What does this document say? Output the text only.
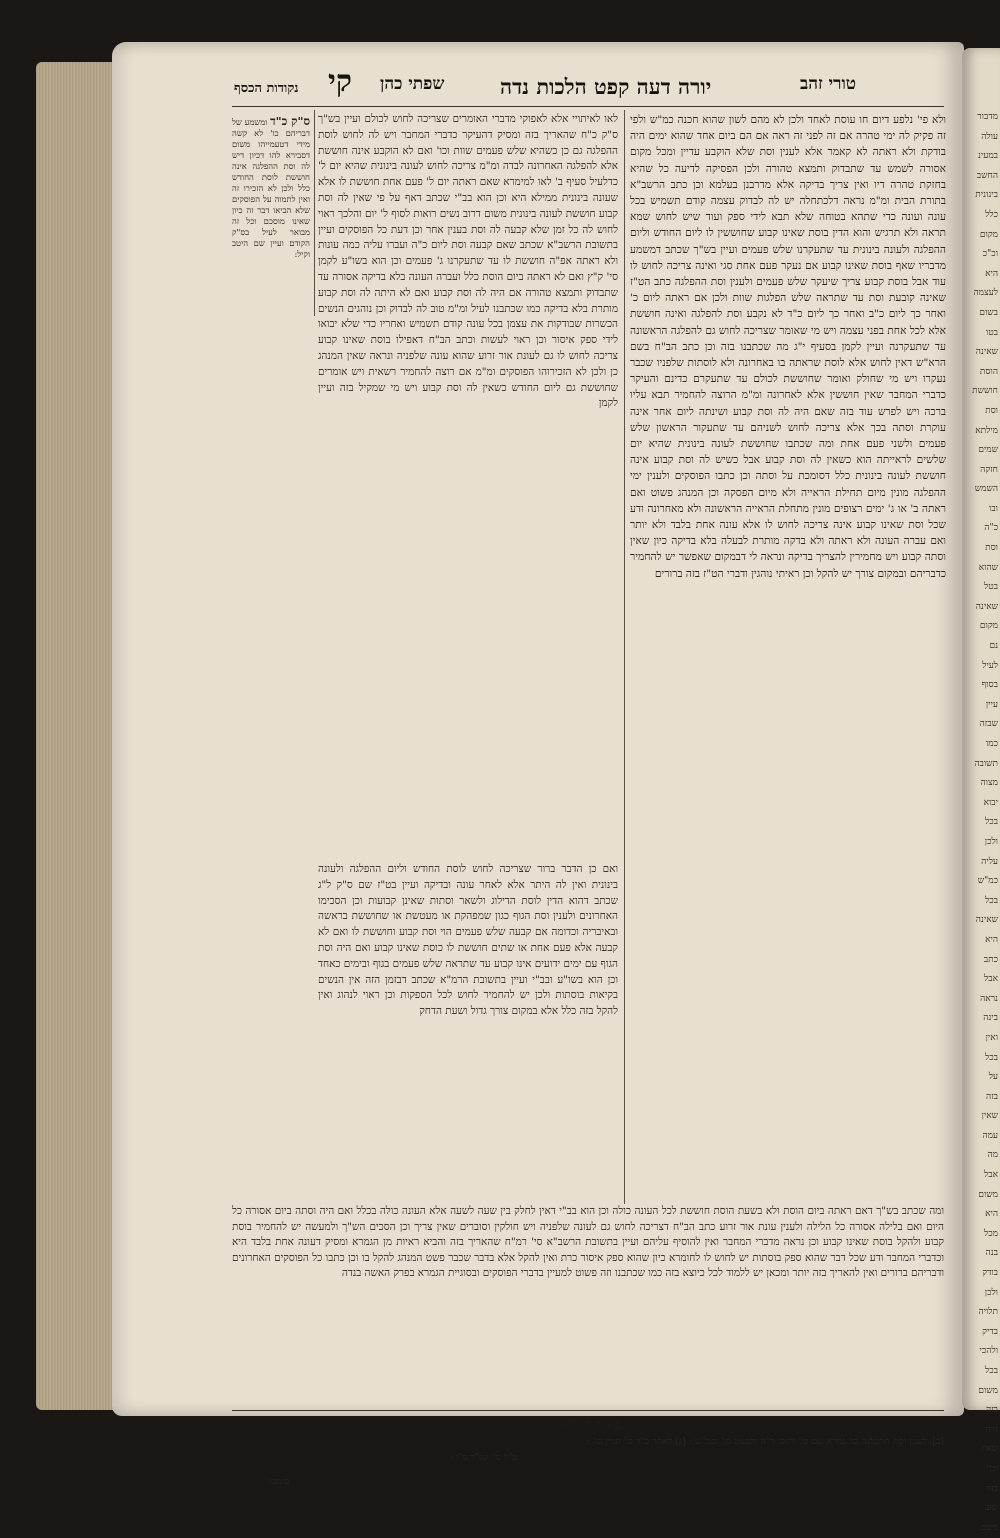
מדבור
עולה
במעינ
החשב
בינונית
כלל
מקום
וכ"כ
היא
לעצמה
בשום
בטו
שאינה
הוסת
חוששת
וסת
מילתא
שמים
חזקה
השמש
ובו
כ"ה
וסת
שהוא
בטל
שאינה
מקום
נם
לעיל
בסוף
עיין
שבזה
כמו
תשובה
מצוה
יבוא
בכל
ולכן
עליה
כמ"ש
בכל
שאינה
היא
כתב
אבל
נראה
בינה
ואין
בכל
על
בזה
שאין
עמה
מה
אבל
משום
היא
מכל
בנה
בודק
ולכן
תלויה
בדיק
ולהכי
בכל
משום
בזה
היה
שאין
וכו'
בזה
שוב
משם
טורי זהב
יורה דעה קפט הלכות נדה
שפתי כהן
קי
נקודות הכסף
ולא פי' נלפע דיום חו עוסת לאחד ולכן לא מהם לשון שהוא חכנה כמ"ש ולפי זה פקיק לה ימי טהרה אם זה לפני זה ראה אם הם ביום אחד שהוא ימים היה בודקת ולא ראתה לא קאמר אלא לענין וסת שלא הוקבע עדיין ומכל מקום אסורה לשמש עד שתבדוק ותמצא טהורה ולכן הפסיקה לדיעה כל שהיא בחזקת טהרה דיו ואין צריך בדיקה אלא מדרבנן בעלמא וכן כתב הרשב"א בתורת הבית ומ"מ נראה דלכתחלה יש לה לבדוק עצמה קודם תשמיש בכל עונה ועונה כדי שתהא בטוחה שלא תבא לידי ספק ועוד שיש לחוש שמא תראה ולא תרגיש והוא הדין בוסת שאינו קבוע שחוששין לו ליום החודש וליום ההפלגה ולעונה בינונית עד שתעקרנו שלש פעמים ועיין בש"ך שכתב דמשמע מדבריו שאף בוסת שאינו קבוע אם נעקר פעם אחת סגי ואינה צריכה לחוש לו עוד אבל בוסת קבוע צריך שיעקר שלש פעמים ולענין וסת ההפלגה כתב הט"ז שאינה קובעת וסת עד שתראה שלש הפלגות שוות ולכן אם ראתה ליום כ' ואחר כך ליום כ"ב ואחר כך ליום כ"ד לא נקבע וסת להפלגה ואינה חוששת אלא לכל אחת בפני עצמה ויש מי שאומר שצריכה לחוש גם להפלגה הראשונה עד שתעקרנה ועיין לקמן בסעיף י"ג מה שכתבנו בזה וכן כתב הב"ח בשם הרא"ש דאין לחוש אלא לוסת שראתה בו באחרונה ולא לוסתות שלפניו שכבר נעקרו ויש מי שחולק ואומר שחוששת לכולם עד שתעקרם כדינם והעיקר כדברי המחבר שאין חוששין אלא לאחרונה ומ"מ הרוצה להחמיר תבא עליו ברכה ויש לפרש עוד בזה שאם היה לה וסת קבוע ושינתה ליום אחר אינה עוקרת וסתה בכך אלא צריכה לחוש לשניהם עד שתעקור הראשון שלש פעמים ולשני פעם אחת ומה שכתבו שחוששת לעונה בינונית שהיא יום שלשים לראייתה הוא כשאין לה וסת קבוע אבל כשיש לה וסת קבוע אינה חוששת לעונה בינונית כלל דסומכת על וסתה וכן כתבו הפוסקים ולענין ימי ההפלגה מונין מיום תחילת הראייה ולא מיום הפסקה וכן המנהג פשוט ואם ראתה ב' או ג' ימים רצופים מונין מתחלת הראייה הראשונה ולא מאחרונה ודע שכל וסת שאינו קבוע אינה צריכה לחוש לו אלא עונה אחת בלבד ולא יותר ואם עברה העונה ולא ראתה ולא בדקה מותרת לבעלה בלא בדיקה כיון שאין וסתה קבוע ויש מחמירין להצריך בדיקה ונראה לי דבמקום שאפשר יש להחמיר כדבריהם ובמקום צורך יש להקל וכן ראיתי נוהגין ודברי הט"ז בזה ברורים
לאו לאיתויי אלא לאפוקי מדברי האומרים שצריכה לחוש לכולם ועיין בש"ך ס"ק כ"ח שהאריך בזה ומסיק דהעיקר כדברי המחבר ויש לה לחוש לוסת ההפלגה גם כן כשהיא שלש פעמים שוות וכו' ואם לא הוקבע אינה חוששת אלא להפלגה האחרונה לבדה ומ"מ צריכה לחוש לעונה בינונית שהיא יום ל' כדלעיל סעיף ב' לאו למימרא שאם ראתה יום ל' פעם אחת חוששת לו אלא שעונה בינונית ממילא היא וכן הוא בב"י שכתב דאף על פי שאין לה וסת קבוע חוששת לעונה בינונית משום דרוב נשים רואות לסוף ל' יום והלכך ראוי לחוש לה כל זמן שלא קבעה לה וסת בענין אחר וכן דעת כל הפוסקים ועיין בתשובת הרשב"א שכתב שאם קבעה וסת ליום כ"ה ועברו עליה כמה עונות ולא ראתה אפ"ה חוששת לו עד שתעקרנו ג' פעמים וכן הוא בשו"ע לקמן סי' ק"ץ ואם לא ראתה ביום הוסת כלל ועברה העונה בלא בדיקה אסורה עד שתבדוק ותמצא טהורה אם היה לה וסת קבוע ואם לא היתה לה וסת קבוע מותרת בלא בדיקה כמו שכתבנו לעיל ומ"מ טוב לה לבדוק וכן נוהגים הנשים הכשרות שבודקות את עצמן בכל עונה קודם תשמיש ואחריו כדי שלא יבואו לידי ספק איסור וכן ראוי לעשות וכתב הב"ח דאפילו בוסת שאינו קבוע צריכה לחוש לו גם לעונת אור זרוע שהוא עונה שלפניה ונראה שאין המנהג כן ולכן לא הזכירוהו הפוסקים ומ"מ אם רוצה להחמיר רשאית ויש אומרים שחוששת גם ליום החודש כשאין לה וסת קבוע ויש מי שמקיל בזה ועיין לקמן
ואם כן הדבר ברור שצריכה לחוש לוסת החודש וליום ההפלגה ולעונה בינונית ואין לה היתר אלא לאחר עונה ובדיקה ועיין בט"ז שם ס"ק ל"ג שכתב דהוא הדין לוסת הדילוג ולשאר וסתות שאינן קבועות וכן הסכימו האחרונים ולענין וסת הגוף כגון שמפהקת או מעטשת או שחוששת בראשה ובאיבריה וכדומה אם קבעה שלש פעמים הוי וסת קבוע וחוששת לו ואם לא קבעה אלא פעם אחת או שתים חוששת לו כוסת שאינו קבוע ואם היה וסת הגוף עם ימים ידועים אינו קבוע עד שתראה שלש פעמים בגוף ובימים כאחד וכן הוא בשו"ע ובב"י ועיין בתשובת הרמ"א שכתב דבזמן הזה אין הנשים בקיאות בוסתות ולכן יש להחמיר לחוש לכל הספקות וכן ראוי לנהוג ואין להקל בזה כלל אלא במקום צורך גדול ושעת הדחק
ס"ק כ"ד ומשמע של דבריהם כו' לא קשה מידי דטעמייהו משום דסבירא להו דכיון דיש לה וסת ההפלגה אינה חוששת לוסת החודש כלל ולכן לא הזכירו זה ואין לתמוה על הפוסקים שלא הביאו דבר זה כיון שאינו מוסכם וכל זה מבואר לעיל בס"ק הקודם ועיין שם היטב וקיל:
ומה שכתב בש"ך דאם ראתה ביום הוסת ולא בשעת הוסת חוששת לכל העונה כולה וכן הוא בב"י דאין לחלק בין שעה לשעה אלא העונה כולה בכלל ואם היה וסתה ביום אסורה כל היום ואם בלילה אסורה כל הלילה ולענין עונת אור זרוע כתב הב"ח דצריכה לחוש גם לעונה שלפניה ויש חולקין וסוברים שאין צריך וכן הסכים הש"ך ולמעשה יש להחמיר בוסת קבוע ולהקל בוסת שאינו קבוע וכן נראה מדברי המחבר ואין להוסיף עליהם ועיין בתשובת הרשב"א סי' רמ"ח שהאריך בזה והביא ראיות מן הגמרא ומסיק דעונה אחת בלבד היא וכדברי המחבר ודע שכל דבר שהוא ספק בוסתות יש לחוש לו לחומרא כיון שהוא ספק איסור כרת ואין להקל אלא בדבר שכבר פשט המנהג להקל בו וכן כתבו כל הפוסקים האחרונים ודבריהם ברורים ואין להאריך בזה יותר ומכאן יש ללמוד לכל כיוצא בזה כמו שכתבנו וזה פשוט למעיין בדברי הפוסקים ובסוגיית הגמרא בפרק האשה בנדה
ביאור הגר"א
[ב] ולענין וסת ההפלגה כו' גמרא שם כו' ותוס' ד"ה ולמעט כו' וכמ"ש : [ג] לאחר כ"ד כו' ועיין כו' :
ע"ל סי' קפ"ד ס"ו :
סימנא
